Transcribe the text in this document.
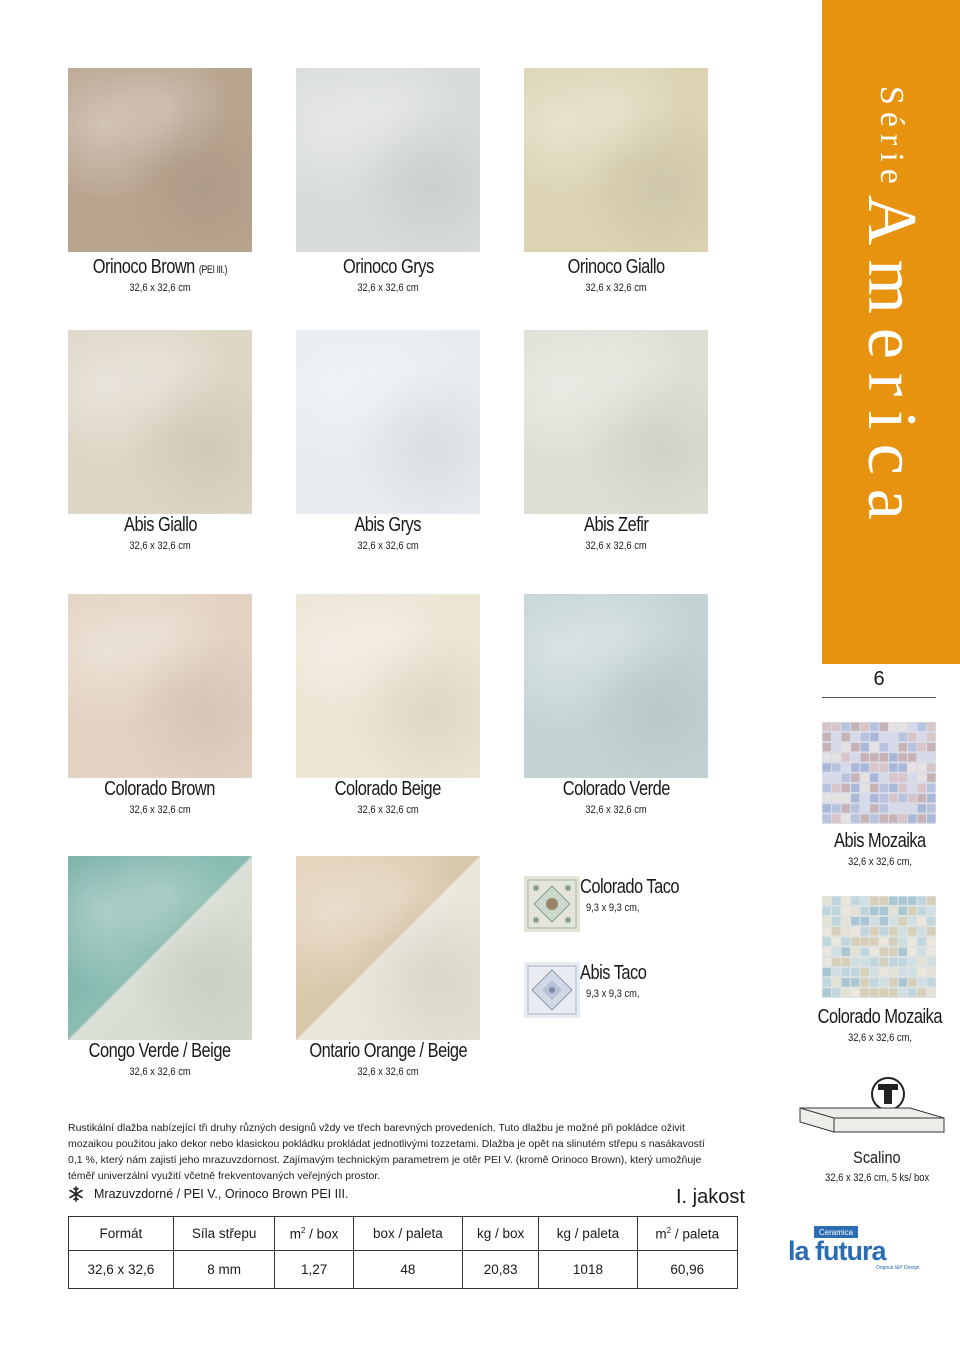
Série America
6
Orinoco Brown (PEI III.)
32,6 x 32,6 cm
Orinoco Grys
32,6 x 32,6 cm
Orinoco Giallo
32,6 x 32,6 cm
Abis Giallo
32,6 x 32,6 cm
Abis Grys
32,6 x 32,6 cm
Abis Zefir
32,6 x 32,6 cm
Colorado Brown
32,6 x 32,6 cm
Colorado Beige
32,6 x 32,6 cm
Colorado Verde
32,6 x 32,6 cm
Congo Verde / Beige
32,6 x 32,6 cm
Ontario Orange / Beige
32,6 x 32,6 cm
Colorado Taco
9,3 x 9,3 cm,
Abis Taco
9,3 x 9,3 cm,
Abis Mozaika
32,6 x 32,6 cm,
Colorado Mozaika
32,6 x 32,6 cm,
Scalino
32,6 x 32,6 cm, 5 ks/ box
Rustikální dlažba nabízející tři druhy různých designů vždy ve třech barevných provedeních. Tuto dlažbu je možné při pokládce oživit mozaikou použitou jako dekor nebo klasickou pokládku prokládat jednotlivými tozzetami. Dlažba je opět na slinutém střepu s nasákavostí 0,1 %, který nám zajistí jeho mrazuvzdornost. Zajímavým technickým parametrem je otěr PEI V. (kromě Orinoco Brown), který umožňuje téměř univerzální využití včetně frekventovaných veřejných prostor.
Mrazuvzdorné / PEI V., Orinoco Brown PEI III.	I. jakost
Formát	Síla střepu	$m^2$ / box	box / paleta	kg / box	kg / paleta	$m^2$ / paleta
32,6 x 32,6	8 mm	1,27	48	20,83	1018	60,96
Ceramica
la futura
Original I&P Design
